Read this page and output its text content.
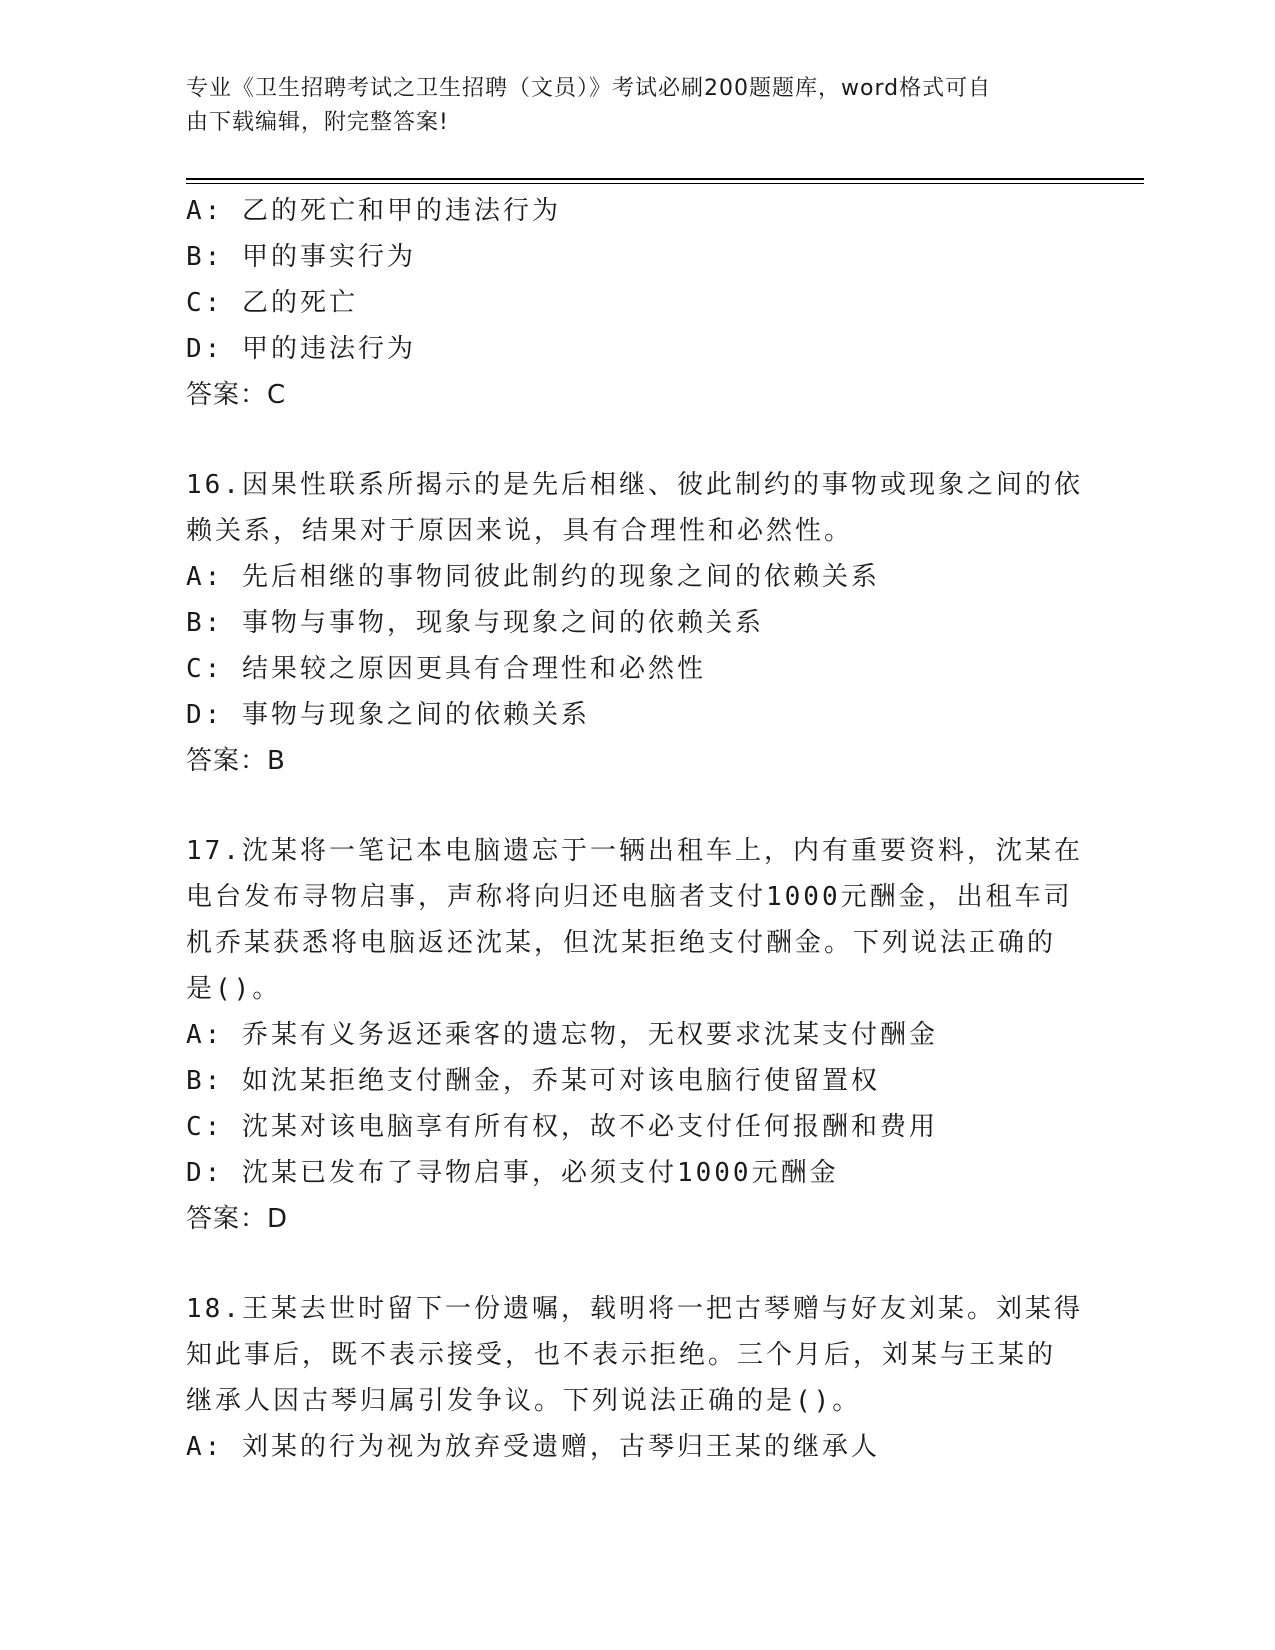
专业《卫生招聘考试之卫生招聘（文员）》考试必刷200题题库，word格式可自
由下载编辑，附完整答案!
A: 乙的死亡和甲的违法行为
B: 甲的事实行为
C: 乙的死亡
D: 甲的违法行为
答案：C
16.因果性联系所揭示的是先后相继、彼此制约的事物或现象之间的依
赖关系，结果对于原因来说，具有合理性和必然性。
A: 先后相继的事物同彼此制约的现象之间的依赖关系
B: 事物与事物，现象与现象之间的依赖关系
C: 结果较之原因更具有合理性和必然性
D: 事物与现象之间的依赖关系
答案：B
17.沈某将一笔记本电脑遗忘于一辆出租车上，内有重要资料，沈某在
电台发布寻物启事，声称将向归还电脑者支付1000元酬金，出租车司
机乔某获悉将电脑返还沈某，但沈某拒绝支付酬金。下列说法正确的
是()。
A: 乔某有义务返还乘客的遗忘物，无权要求沈某支付酬金
B: 如沈某拒绝支付酬金，乔某可对该电脑行使留置权
C: 沈某对该电脑享有所有权，故不必支付任何报酬和费用
D: 沈某已发布了寻物启事，必须支付1000元酬金
答案：D
18.王某去世时留下一份遗嘱，载明将一把古琴赠与好友刘某。刘某得
知此事后，既不表示接受，也不表示拒绝。三个月后，刘某与王某的
继承人因古琴归属引发争议。下列说法正确的是()。
A: 刘某的行为视为放弃受遗赠，古琴归王某的继承人
